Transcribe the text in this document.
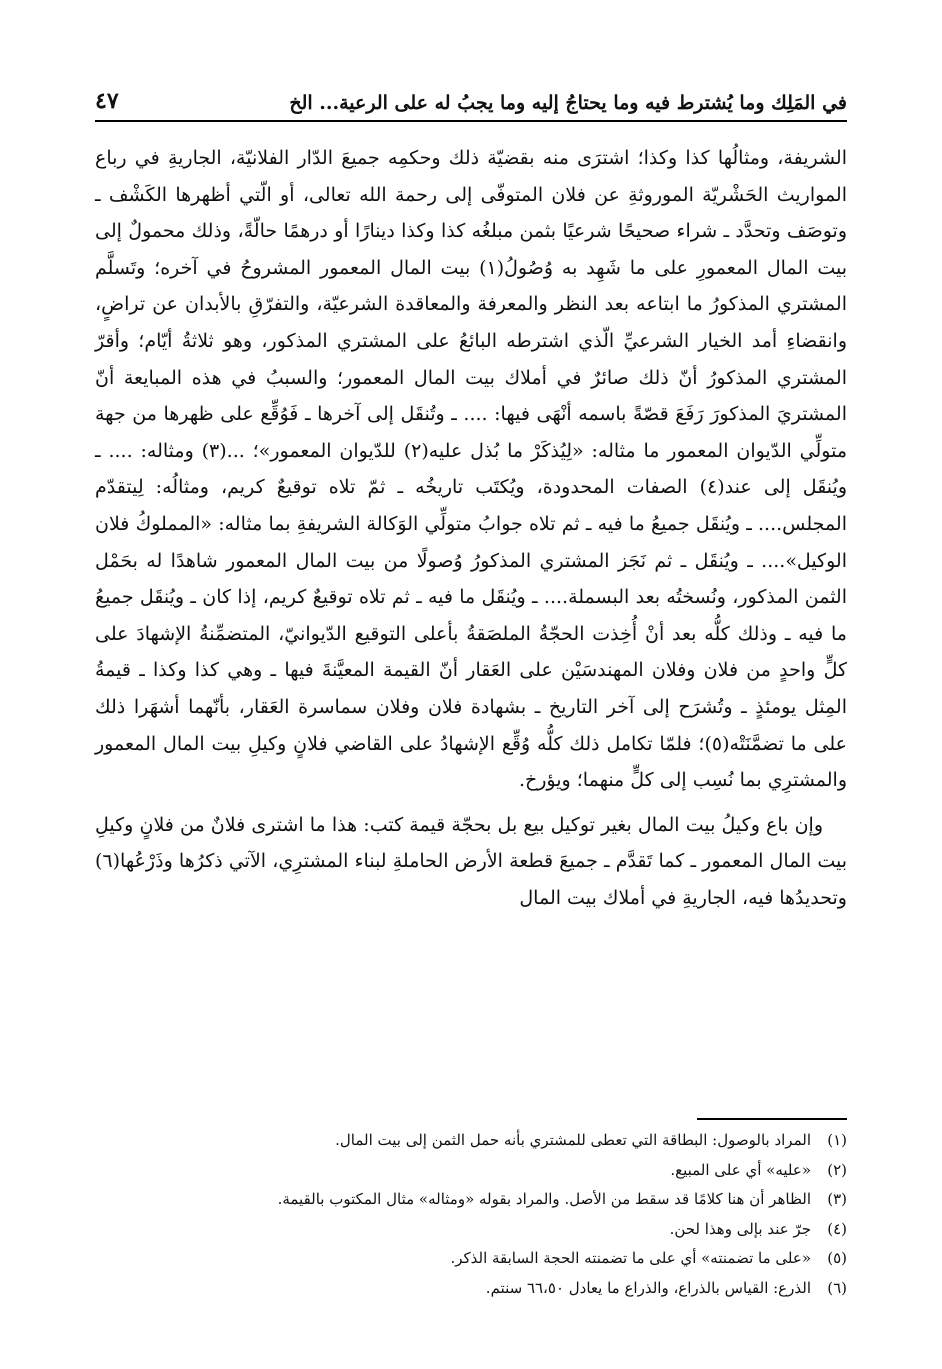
في المَلِك وما يُشترط فيه وما يحتاجُ إليه وما يجبُ له على الرعية... الخ
٤٧

الشريفة، ومثالُها كذا وكذا؛ اشترَى منه بقضيّة ذلك وحكمِه جميعَ الدّار الفلانيّة، الجاريةِ في رباع المواريث الحَشْريّة الموروثةِ عن فلان المتوفّى إلى رحمة الله تعالى، أو الّتي أظهرها الكَشْف ـ وتوصَف وتحدَّد ـ شراء صحيحًا شرعيًا بثمن مبلغُه كذا وكذا دينارًا أو درهمًا حالّةً، وذلك محمولٌ إلى بيت المال المعمورِ على ما شَهِد به وُصُولُ(١) بيت المال المعمور المشروحُ في آخره؛ وتَسلَّم المشتري المذكورُ ما ابتاعه بعد النظر والمعرفة والمعاقدة الشرعيّة، والتفرّقِ بالأبدان عن تراضٍ، وانقضاءِ أمد الخيار الشرعيِّ الّذي اشترطه البائعُ على المشتري المذكور، وهو ثلاثةُ أيّام؛ وأقرّ المشتري المذكورُ أنّ ذلك صائرٌ في أملاك بيت المال المعمور؛ والسببُ في هذه المبايعة أنّ المشتريَ المذكورَ رَفَعَ قصّةً باسمه أنْهَى فيها: .... ـ وتُنقَل إلى آخرها ـ فَوُقِّع على ظهرها من جهة متولِّي الدّيوان المعمور ما مثاله: «لِيُذكَرْ ما بُذل عليه(٢) للدّيوان المعمور»؛ ...(٣) ومثاله: .... ـ ويُنقَل إلى عند(٤) الصفات المحدودة، ويُكتَب تاريخُه ـ ثمّ تلاه توقيعٌ كريم، ومثالُه: لِيتقدّم المجلس.... ـ ويُنقَل جميعُ ما فيه ـ ثم تلاه جوابُ متولِّي الوَكالة الشريفةِ بما مثاله: «المملوكُ فلان الوكيل».... ـ ويُنقَل ـ ثم نَجَز المشتري المذكورُ وُصولًا من بيت المال المعمور شاهدًا له بحَمْل الثمن المذكور، ونُسختُه بعد البسملة.... ـ ويُنقَل ما فيه ـ ثم تلاه توقيعٌ كريم، إذا كان ـ ويُنقَل جميعُ ما فيه ـ وذلك كلُّه بعد أنْ أُخِذت الحجّةُ الملصَقةُ بأعلى التوقيع الدّيوانيّ، المتضمِّنةُ الإشهادَ على كلٍّ واحدٍ من فلان وفلان المهندسَيْن على العَقار أنّ القيمة المعيَّنةَ فيها ـ وهي كذا وكذا ـ قيمةُ المِثل يومئذٍ ـ وتُشرَح إلى آخر التاريخ ـ بشهادة فلان وفلان سماسرة العَقار، بأنّهما أشهَرا ذلك على ما تضمَّنَتْه(٥)؛ فلمّا تكامل ذلك كلُّه وُقِّع الإشهادُ على القاضي فلانٍ وكيلِ بيت المال المعمور والمشترِي بما نُسِب إلى كلٍّ منهما؛ ويؤرخ.

وإن باع وكيلُ بيت المال بغير توكيل بيع بل بحجّة قيمة كتب: هذا ما اشترى فلانٌ من فلانٍ وكيلِ بيت المال المعمور ـ كما تَقدَّم ـ جميعَ قطعة الأرض الحاملةِ لبناء المشترِي، الآتي ذكرُها وذَرْعُها(٦) وتحديدُها فيه، الجاريةِ في أملاك بيت المال

(١)
المراد بالوصول: البطاقة التي تعطى للمشتري بأنه حمل الثمن إلى بيت المال.
(٢)
«عليه» أي على المبيع.
(٣)
الظاهر أن هنا كلامًا قد سقط من الأصل. والمراد بقوله «ومثاله» مثال المكتوب بالقيمة.
(٤)
جرّ عند بإلى وهذا لحن.
(٥)
«على ما تضمنته» أي على ما تضمنته الحجة السابقة الذكر.
(٦)
الذرع: القياس بالذراع، والذراع ما يعادل ٦٦،٥٠ سنتم.
